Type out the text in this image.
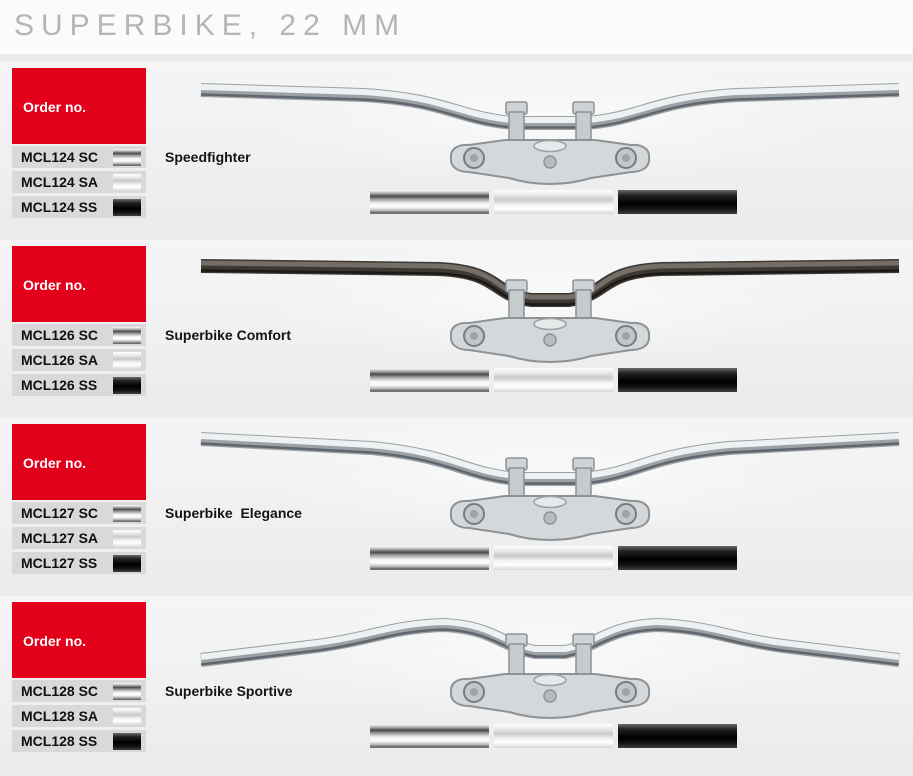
SUPERBIKE, 22 MM
Order no.
MCL124 SC
MCL124 SA
MCL124 SS
Speedfighter
Order no.
MCL126 SC
MCL126 SA
MCL126 SS
Superbike Comfort
Order no.
MCL127 SC
MCL127 SA
MCL127 SS
Superbike  Elegance
Order no.
MCL128 SC
MCL128 SA
MCL128 SS
Superbike Sportive
